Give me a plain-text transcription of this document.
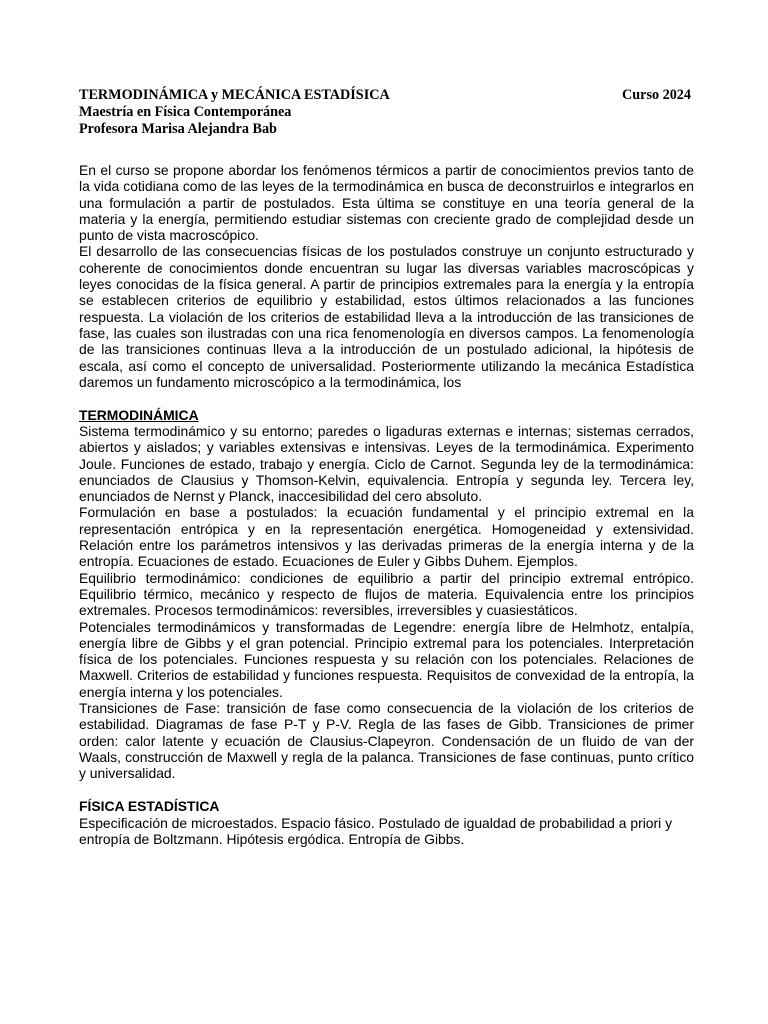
TERMODINÁMICA y MECÁNICA ESTADÍSICA	Curso 2024
Maestría en Física Contemporánea
Profesora Marisa Alejandra Bab

En el curso se propone abordar los fenómenos térmicos a partir de conocimientos previos tanto de la vida cotidiana como de las leyes de la termodinámica en busca de deconstruirlos e integrarlos en una formulación a partir de postulados. Esta última se constituye en una teoría general de la materia y la energía, permitiendo estudiar sistemas con creciente grado de complejidad desde un punto de vista macroscópico.

El desarrollo de las consecuencias físicas de los postulados construye un conjunto estructurado y coherente de conocimientos donde encuentran su lugar las diversas variables macroscópicas y leyes conocidas de la física general. A partir de principios extremales para la energía y la entropía se establecen criterios de equilibrio y estabilidad, estos últimos relacionados a las funciones respuesta. La violación de los criterios de estabilidad lleva a la introducción de las transiciones de fase, las cuales son ilustradas con una rica fenomenología en diversos campos. La fenomenología de las transiciones continuas lleva a la introducción de un postulado adicional, la hipótesis de escala, así como el concepto de universalidad. Posteriormente utilizando la mecánica Estadística daremos un fundamento microscópico a la termodinámica, los

TERMODINÁMICA

Sistema termodinámico y su entorno; paredes o ligaduras externas e internas; sistemas cerrados, abiertos y aislados; y variables extensivas e intensivas. Leyes de la termodinámica. Experimento Joule. Funciones de estado, trabajo y energía. Ciclo de Carnot. Segunda ley de la termodinámica: enunciados de Clausius y Thomson-Kelvin, equivalencia. Entropía y segunda ley. Tercera ley, enunciados de Nernst y Planck, inaccesibilidad del cero absoluto.

Formulación en base a postulados: la ecuación fundamental y el principio extremal en la representación entrópica y en la representación energética. Homogeneidad y extensividad. Relación entre los parámetros intensivos y las derivadas primeras de la energía interna y de la entropía. Ecuaciones de estado. Ecuaciones de Euler y Gibbs Duhem. Ejemplos.

Equilibrio termodinámico: condiciones de equilibrio a partir del principio extremal entrópico. Equilibrio térmico, mecánico y respecto de flujos de materia. Equivalencia entre los principios extremales. Procesos termodinámicos: reversibles, irreversibles y cuasiestáticos.

Potenciales termodinámicos y transformadas de Legendre: energía libre de Helmhotz, entalpía, energía libre de Gibbs y el gran potencial. Principio extremal para los potenciales. Interpretación física de los potenciales. Funciones respuesta y su relación con los potenciales. Relaciones de Maxwell. Criterios de estabilidad y funciones respuesta. Requisitos de convexidad de la entropía, la energía interna y los potenciales.

Transiciones de Fase: transición de fase como consecuencia de la violación de los criterios de estabilidad. Diagramas de fase P-T y P-V. Regla de las fases de Gibb. Transiciones de primer orden: calor latente y ecuación de Clausius-Clapeyron. Condensación de un fluido de van der Waals, construcción de Maxwell y regla de la palanca. Transiciones de fase continuas, punto crítico y universalidad.

FÍSICA ESTADÍSTICA

Especificación de microestados. Espacio fásico. Postulado de igualdad de probabilidad a priori y entropía de Boltzmann. Hipótesis ergódica. Entropía de Gibbs.
